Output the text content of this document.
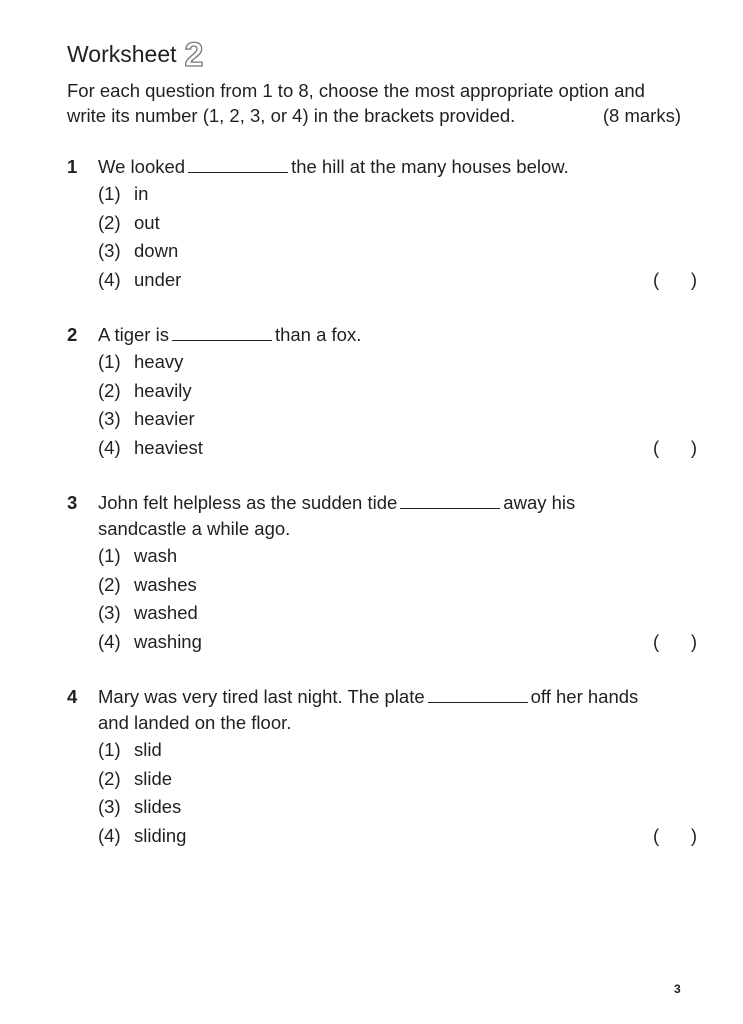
Worksheet 2
For each question from 1 to 8, choose the most appropriate option and
write its number (1, 2, 3, or 4) in the brackets provided.	(8 marks)
1 We looked	the hill at the many houses below.
(1) in
(2) out
(3) down
(4) under	( )
2 A tiger is	than a fox.
(1) heavy
(2) heavily
(3) heavier
(4) heaviest	( )
3 John felt helpless as the sudden tide	away his
sandcastle a while ago.
(1) wash
(2) washes
(3) washed
(4) washing	( )
4 Mary was very tired last night. The plate	off her hands
and landed on the floor.
(1) slid
(2) slide
(3) slides
(4) sliding	( )
3
